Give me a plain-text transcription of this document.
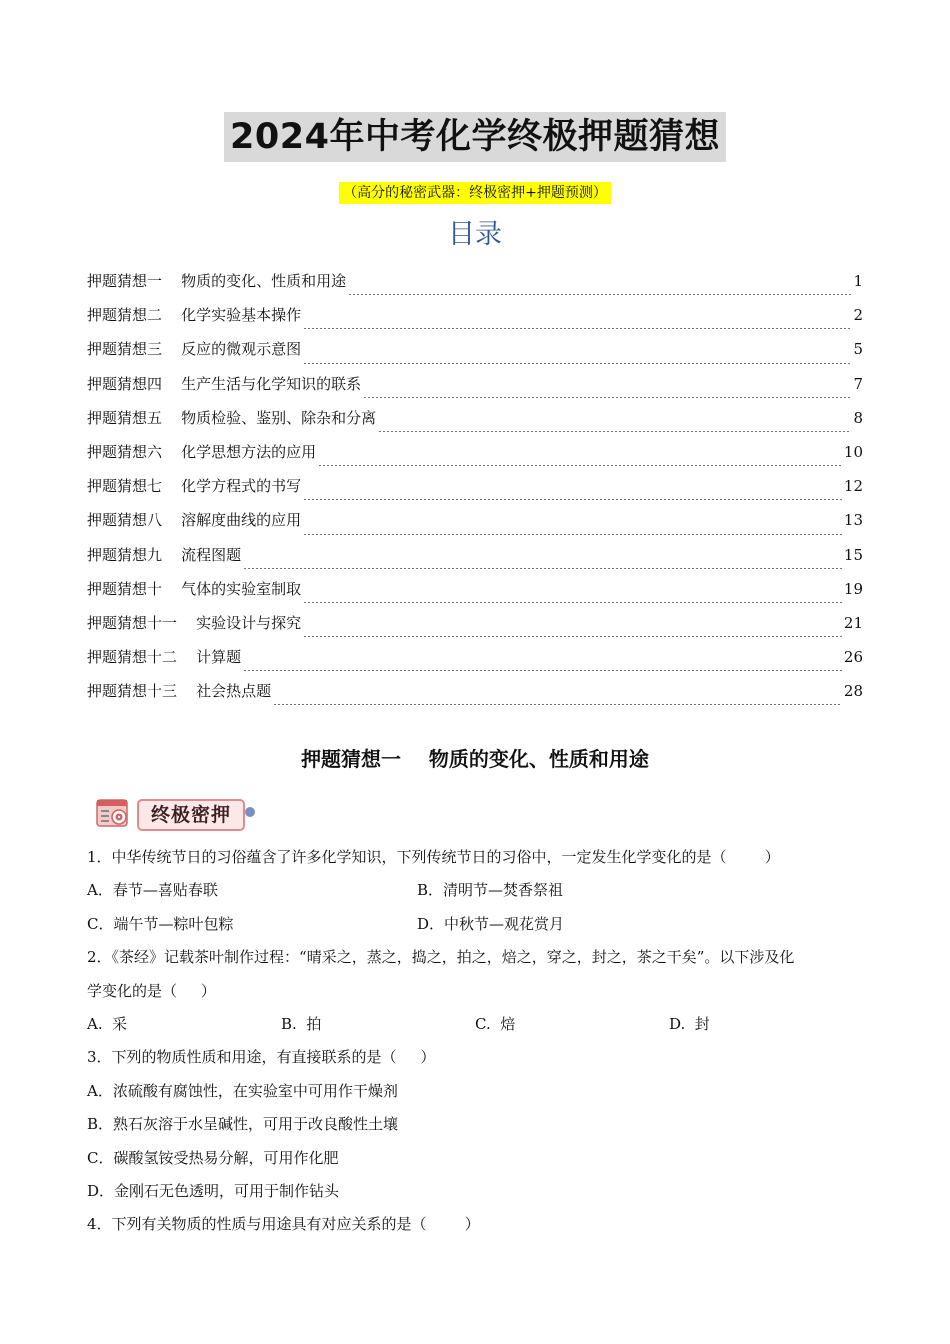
2024年中考化学终极押题猜想
（高分的秘密武器：终极密押+押题预测）
目录
押题猜想一    物质的变化、性质和用途	1
押题猜想二    化学实验基本操作	2
押题猜想三    反应的微观示意图	5
押题猜想四    生产生活与化学知识的联系	7
押题猜想五    物质检验、鉴别、除杂和分离	8
押题猜想六    化学思想方法的应用	10
押题猜想七    化学方程式的书写	12
押题猜想八    溶解度曲线的应用	13
押题猜想九    流程图题	15
押题猜想十    气体的实验室制取	19
押题猜想十一    实验设计与探究	21
押题猜想十二    计算题	26
押题猜想十三    社会热点题	28
押题猜想一    物质的变化、性质和用途
终极密押
1．中华传统节日的习俗蕴含了许多化学知识，下列传统节日的习俗中，一定发生化学变化的是（        ）
A．春节—喜贴春联	B．清明节—焚香祭祖
C．端午节—粽叶包粽	D．中秋节—观花赏月
2．《茶经》记载茶叶制作过程：“晴采之，蒸之，捣之，拍之，焙之，穿之，封之，茶之干矣”。以下涉及化
学变化的是（     ）
A.  采	B.  拍	C.  焙	D.  封
3．下列的物质性质和用途，有直接联系的是（     ）
A．浓硫酸有腐蚀性，在实验室中可用作干燥剂
B．熟石灰溶于水呈碱性，可用于改良酸性土壤
C．碳酸氢铵受热易分解，可用作化肥
D．金刚石无色透明，可用于制作钻头
4．下列有关物质的性质与用途具有对应关系的是（        ）
